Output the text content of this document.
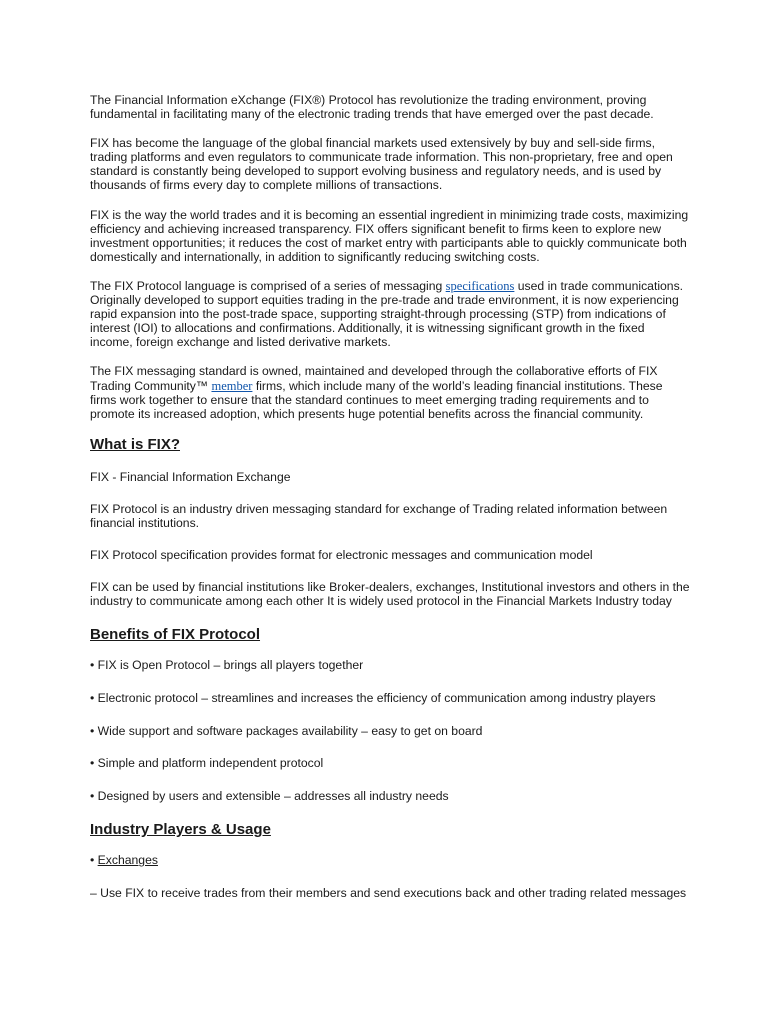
The Financial Information eXchange (FIX®) Protocol has revolutionize the trading environment, proving fundamental in facilitating many of the electronic trading trends that have emerged over the past decade.

FIX has become the language of the global financial markets used extensively by buy and sell-side firms, trading platforms and even regulators to communicate trade information. This non-proprietary, free and open standard is constantly being developed to support evolving business and regulatory needs, and is used by thousands of firms every day to complete millions of transactions.

FIX is the way the world trades and it is becoming an essential ingredient in minimizing trade costs, maximizing efficiency and achieving increased transparency. FIX offers significant benefit to firms keen to explore new investment opportunities; it reduces the cost of market entry with participants able to quickly communicate both domestically and internationally, in addition to significantly reducing switching costs.

The FIX Protocol language is comprised of a series of messaging specifications used in trade communications. Originally developed to support equities trading in the pre-trade and trade environment, it is now experiencing rapid expansion into the post-trade space, supporting straight-through processing (STP) from indications of interest (IOI) to allocations and confirmations. Additionally, it is witnessing significant growth in the fixed income, foreign exchange and listed derivative markets.

The FIX messaging standard is owned, maintained and developed through the collaborative efforts of FIX Trading Community™ member firms, which include many of the world’s leading financial institutions. These firms work together to ensure that the standard continues to meet emerging trading requirements and to promote its increased adoption, which presents huge potential benefits across the financial community.

What is FIX?

FIX - Financial Information Exchange

FIX Protocol is an industry driven messaging standard for exchange of Trading related information between financial institutions.

FIX Protocol specification provides format for electronic messages and communication model

FIX can be used by financial institutions like Broker-dealers, exchanges, Institutional investors and others in the industry to communicate among each other It is widely used protocol in the Financial Markets Industry today

Benefits of FIX Protocol

• FIX is Open Protocol – brings all players together

• Electronic protocol – streamlines and increases the efficiency of communication among industry players

• Wide support and software packages availability – easy to get on board

• Simple and platform independent protocol

• Designed by users and extensible – addresses all industry needs

Industry Players & Usage

• Exchanges

– Use FIX to receive trades from their members and send executions back and other trading related messages
